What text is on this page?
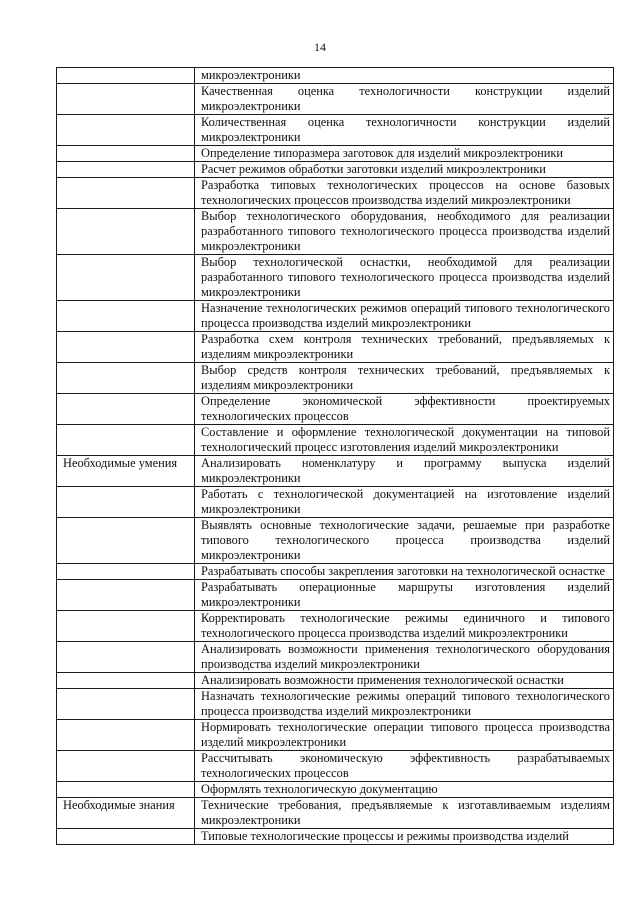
14
	микроэлектроники
	Качественная оценка технологичности конструкции изделий микроэлектроники
	Количественная оценка технологичности конструкции изделий микроэлектроники
	Определение типоразмера заготовок для изделий микроэлектроники
	Расчет режимов обработки заготовки изделий микроэлектроники
	Разработка типовых технологических процессов на основе базовых технологических процессов производства изделий микроэлектроники
	Выбор технологического оборудования, необходимого для реализации разработанного типового технологического процесса производства изделий микроэлектроники
	Выбор технологической оснастки, необходимой для реализации разработанного типового технологического процесса производства изделий микроэлектроники
	Назначение технологических режимов операций типового технологического процесса производства изделий микроэлектроники
	Разработка схем контроля технических требований, предъявляемых к изделиям микроэлектроники
	Выбор средств контроля технических требований, предъявляемых к изделиям микроэлектроники
	Определение экономической эффективности проектируемых технологических процессов
	Составление и оформление технологической документации на типовой технологический процесс изготовления изделий микроэлектроники
Необходимые умения	Анализировать номенклатуру и программу выпуска изделий микроэлектроники
	Работать с технологической документацией на изготовление изделий микроэлектроники
	Выявлять основные технологические задачи, решаемые при разработке типового технологического процесса производства изделий микроэлектроники
	Разрабатывать способы закрепления заготовки на технологической оснастке
	Разрабатывать операционные маршруты изготовления изделий микроэлектроники
	Корректировать технологические режимы единичного и типового технологического процесса производства изделий микроэлектроники
	Анализировать возможности применения технологического оборудования производства изделий микроэлектроники
	Анализировать возможности применения технологической оснастки
	Назначать технологические режимы операций типового технологического процесса производства изделий микроэлектроники
	Нормировать технологические операции типового процесса производства изделий микроэлектроники
	Рассчитывать экономическую эффективность разрабатываемых технологических процессов
	Оформлять технологическую документацию
Необходимые знания	Технические требования, предъявляемые к изготавливаемым изделиям микроэлектроники
	Типовые технологические процессы и режимы производства изделий
